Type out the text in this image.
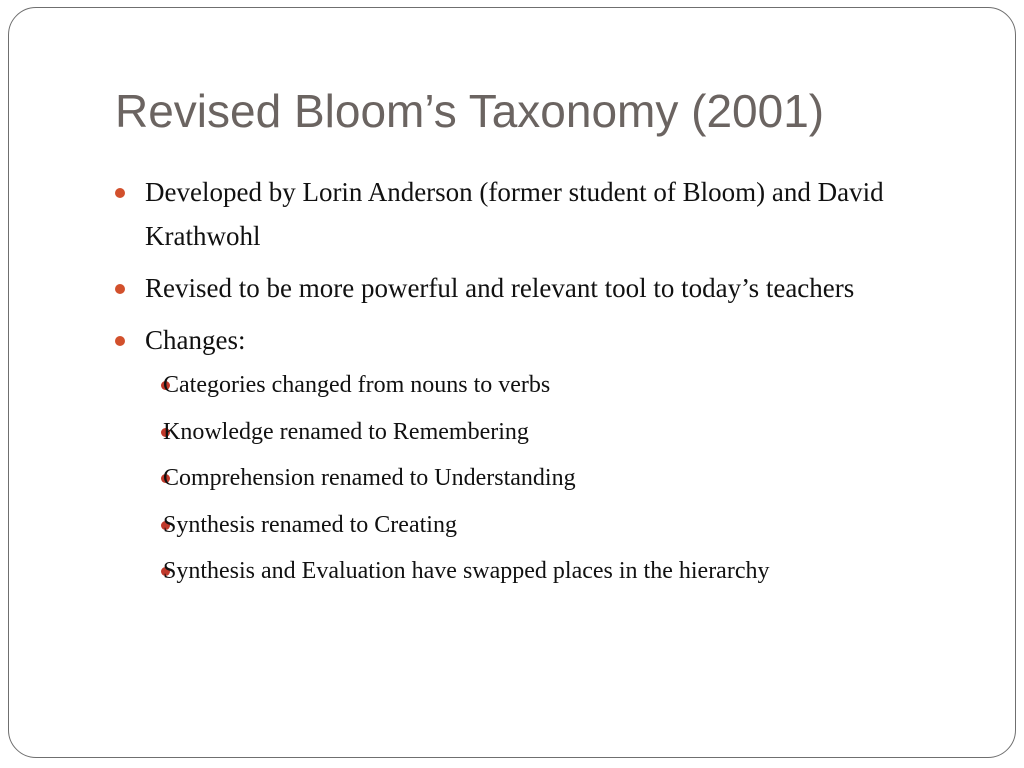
Revised Bloom’s Taxonomy (2001)
Developed by Lorin Anderson (former student of Bloom) and David Krathwohl
Revised to be more powerful and relevant tool to today’s teachers
Changes:
Categories changed from nouns to verbs
Knowledge renamed to Remembering
Comprehension renamed to Understanding
Synthesis renamed to Creating
Synthesis and Evaluation have swapped places in the hierarchy
